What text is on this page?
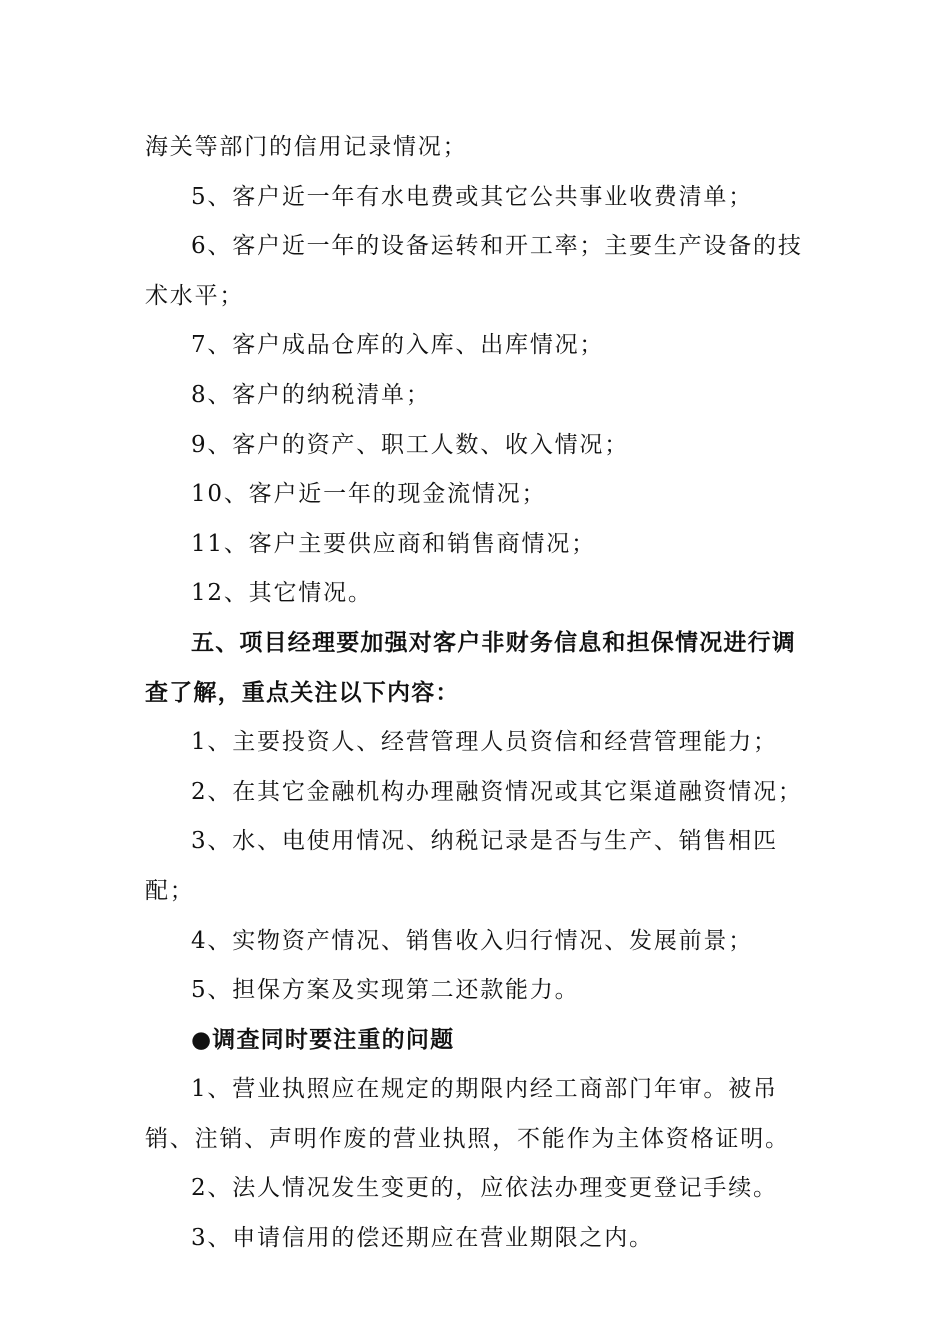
海关等部门的信用记录情况；

5、客户近一年有水电费或其它公共事业收费清单；

6、客户近一年的设备运转和开工率；主要生产设备的技术水平；

7、客户成品仓库的入库、出库情况；

8、客户的纳税清单；

9、客户的资产、职工人数、收入情况；

10、客户近一年的现金流情况；

11、客户主要供应商和销售商情况；

12、其它情况。

五、项目经理要加强对客户非财务信息和担保情况进行调查了解，重点关注以下内容：

1、主要投资人、经营管理人员资信和经营管理能力；

2、在其它金融机构办理融资情况或其它渠道融资情况；

3、水、电使用情况、纳税记录是否与生产、销售相匹配；

4、实物资产情况、销售收入归行情况、发展前景；

5、担保方案及实现第二还款能力。

●调查同时要注重的问题

1、营业执照应在规定的期限内经工商部门年审。被吊销、注销、声明作废的营业执照，不能作为主体资格证明。

2、法人情况发生变更的，应依法办理变更登记手续。

3、申请信用的偿还期应在营业期限之内。
